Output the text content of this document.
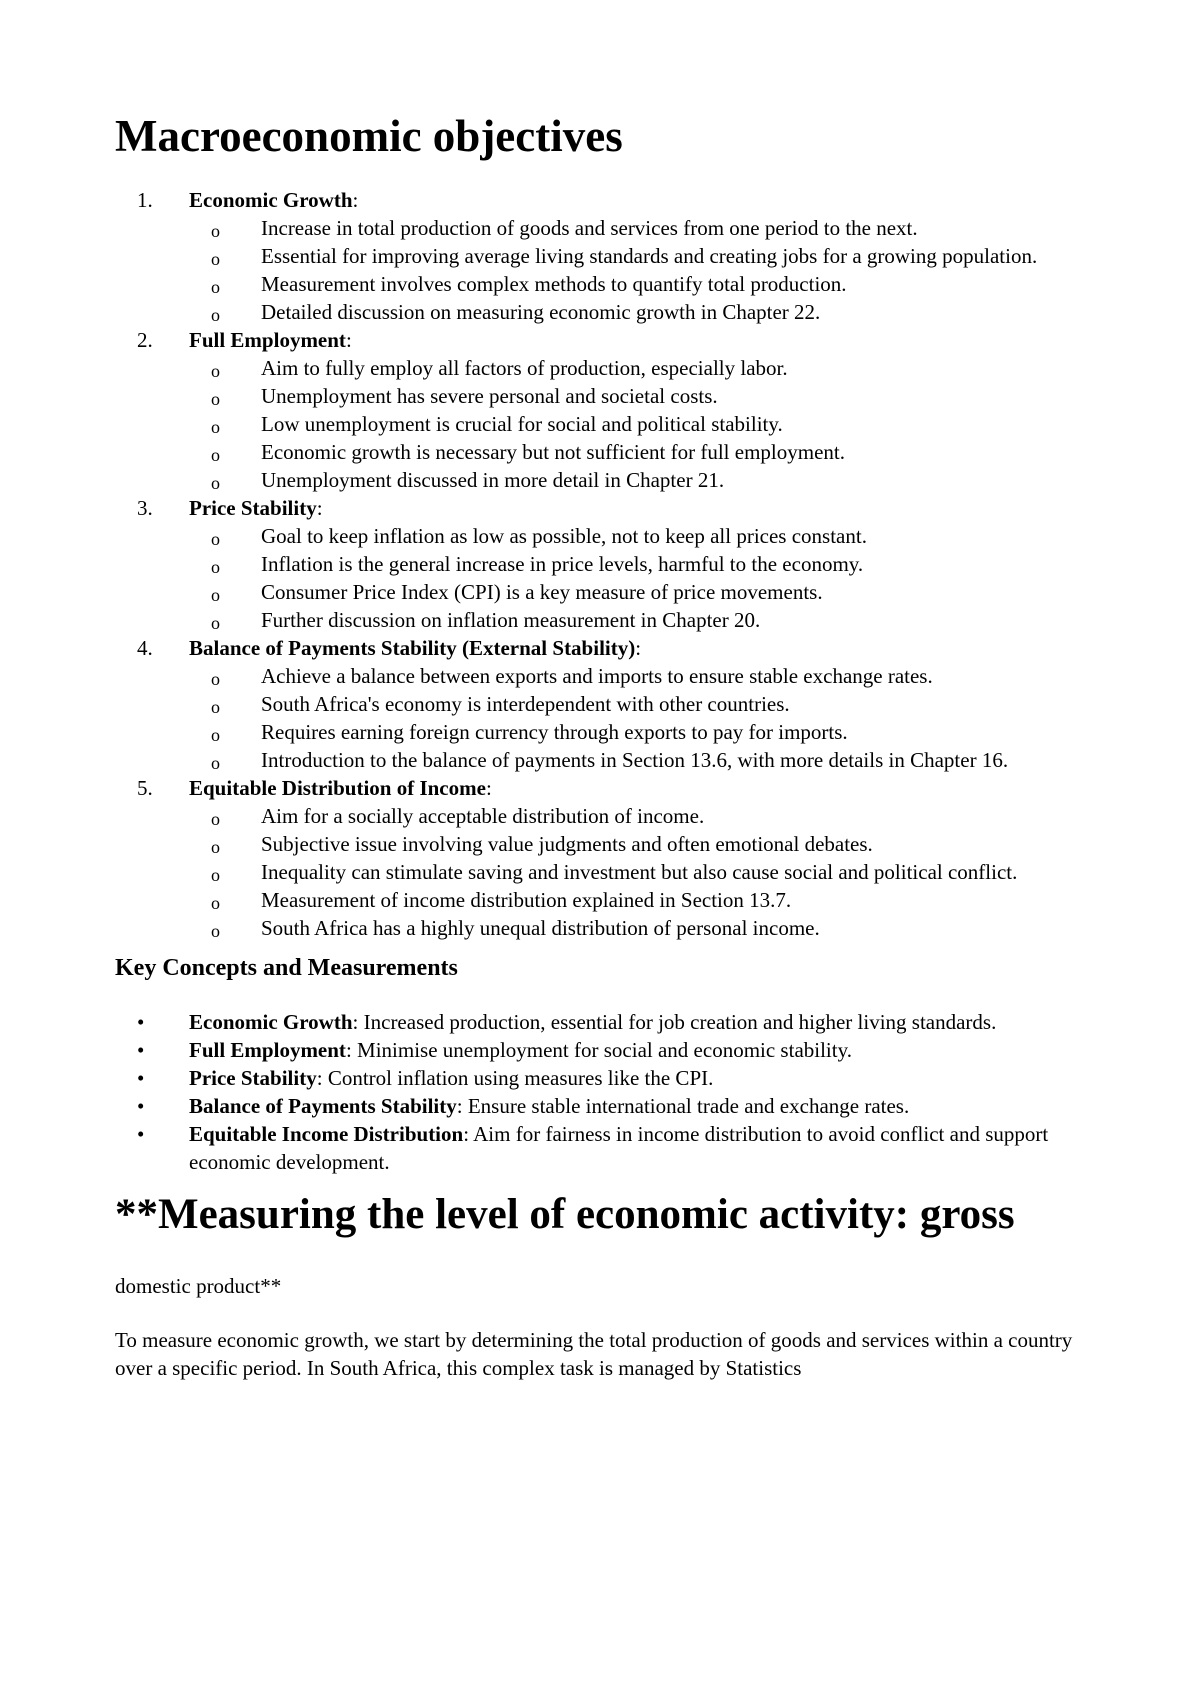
Macroeconomic objectives
1.	Economic Growth:
o Increase in total production of goods and services from one period to the next.
o Essential for improving average living standards and creating jobs for a growing population.
o Measurement involves complex methods to quantify total production.
o Detailed discussion on measuring economic growth in Chapter 22.
2.	Full Employment:
o Aim to fully employ all factors of production, especially labor.
o Unemployment has severe personal and societal costs.
o Low unemployment is crucial for social and political stability.
o Economic growth is necessary but not sufficient for full employment.
o Unemployment discussed in more detail in Chapter 21.
3.	Price Stability:
o Goal to keep inflation as low as possible, not to keep all prices constant.
o Inflation is the general increase in price levels, harmful to the economy.
o Consumer Price Index (CPI) is a key measure of price movements.
o Further discussion on inflation measurement in Chapter 20.
4.	Balance of Payments Stability (External Stability):
o Achieve a balance between exports and imports to ensure stable exchange rates.
o South Africa's economy is interdependent with other countries.
o Requires earning foreign currency through exports to pay for imports.
o Introduction to the balance of payments in Section 13.6, with more details in Chapter 16.
5.	Equitable Distribution of Income:
o Aim for a socially acceptable distribution of income.
o Subjective issue involving value judgments and often emotional debates.
o Inequality can stimulate saving and investment but also cause social and political conflict.
o Measurement of income distribution explained in Section 13.7.
o South Africa has a highly unequal distribution of personal income.
Key Concepts and Measurements
• Economic Growth: Increased production, essential for job creation and higher living standards.
• Full Employment: Minimise unemployment for social and economic stability.
• Price Stability: Control inflation using measures like the CPI.
• Balance of Payments Stability: Ensure stable international trade and exchange rates.
• Equitable Income Distribution: Aim for fairness in income distribution to avoid conflict and support economic development.
**Measuring the level of economic activity: gross

domestic product**

To measure economic growth, we start by determining the total production of goods and services within a country over a specific period. In South Africa, this complex task is managed by Statistics
